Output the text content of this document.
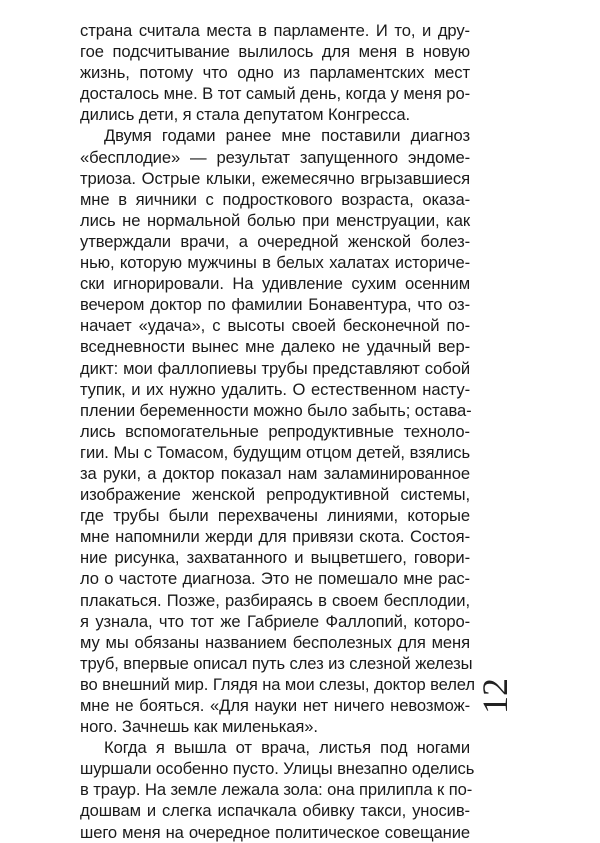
страна считала места в парламенте. И то, и дру-
гое подсчитывание вылилось для меня в новую
жизнь, потому что одно из парламентских мест
досталось мне. В тот самый день, когда у меня ро-
дились дети, я стала депутатом Конгресса.
Двумя годами ранее мне поставили диагноз
«бесплодие» — результат запущенного эндоме-
триоза. Острые клыки, ежемесячно вгрызавшиеся
мне в яичники с подросткового возраста, оказа-
лись не нормальной болью при менструации, как
утверждали врачи, а очередной женской болез-
нью, которую мужчины в белых халатах историче-
ски игнорировали. На удивление сухим осенним
вечером доктор по фамилии Бонавентура, что оз-
начает «удача», с высоты своей бесконечной по-
вседневности вынес мне далеко не удачный вер-
дикт: мои фаллопиевы трубы представляют собой
тупик, и их нужно удалить. О естественном насту-
плении беременности можно было забыть; остава-
лись вспомогательные репродуктивные техноло-
гии. Мы с Томасом, будущим отцом детей, взялись
за руки, а доктор показал нам заламинированное
изображение женской репродуктивной системы,
где трубы были перехвачены линиями, которые
мне напомнили жерди для привязи скота. Состоя-
ние рисунка, захватанного и выцветшего, говори-
ло о частоте диагноза. Это не помешало мне рас-
плакаться. Позже, разбираясь в своем бесплодии,
я узнала, что тот же Габриеле Фаллопий, которо-
му мы обязаны названием бесполезных для меня
труб, впервые описал путь слез из слезной железы
во внешний мир. Глядя на мои слезы, доктор велел
мне не бояться. «Для науки нет ничего невозмож-
ного. Зачнешь как миленькая».
Когда я вышла от врача, листья под ногами
шуршали особенно пусто. Улицы внезапно оделись
в траур. На земле лежала зола: она прилипла к по-
дошвам и слегка испачкала обивку такси, уносив-
шего меня на очередное политическое совещание
12
